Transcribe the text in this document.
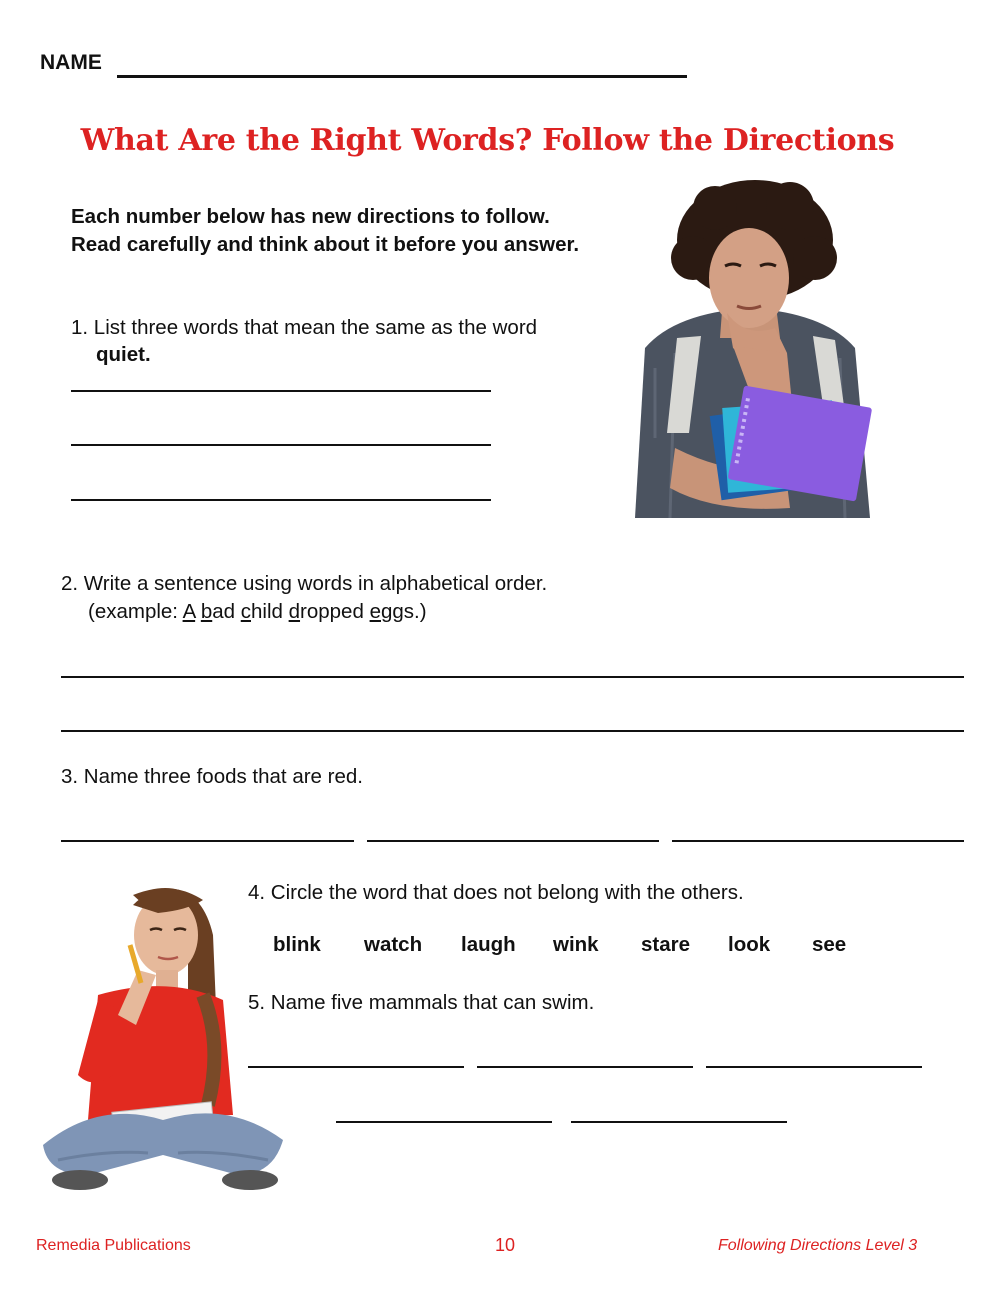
NAME
What Are the Right Words? Follow the Directions
Each number below has new directions to follow.
Read carefully and think about it before you answer.
1. List three words that mean the same as the word
quiet.
2. Write a sentence using words in alphabetical order.
(example: A bad child dropped eggs.)
3. Name three foods that are red.
4. Circle the word that does not belong with the others.
blink watch laugh wink stare look see
5. Name five mammals that can swim.
Remedia Publications	10	Following Directions Level 3
